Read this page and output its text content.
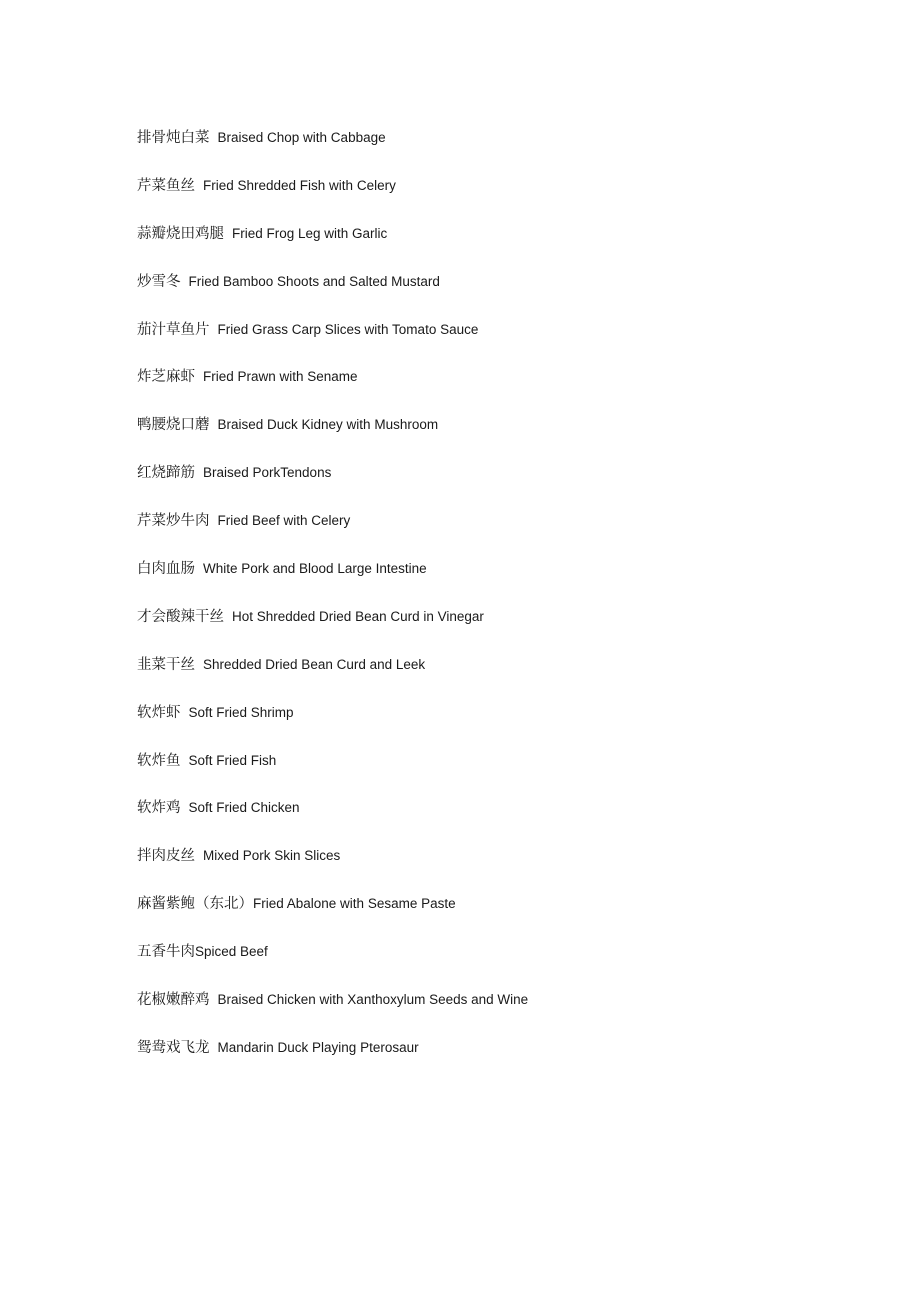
排骨炖白菜 Braised Chop with Cabbage
芹菜鱼丝 Fried Shredded Fish with Celery
蒜瓣烧田鸡腿 Fried Frog Leg with Garlic
炒雪冬 Fried Bamboo Shoots and Salted Mustard
茄汁草鱼片 Fried Grass Carp Slices with Tomato Sauce
炸芝麻虾 Fried Prawn with Sename
鸭腰烧口蘑 Braised Duck Kidney with Mushroom
红烧蹄筋 Braised PorkTendons
芹菜炒牛肉 Fried Beef with Celery
白肉血肠 White Pork and Blood Large Intestine
才会酸辣干丝 Hot Shredded Dried Bean Curd in Vinegar
韭菜干丝 Shredded Dried Bean Curd and Leek
软炸虾 Soft Fried Shrimp
软炸鱼 Soft Fried Fish
软炸鸡 Soft Fried Chicken
拌肉皮丝 Mixed Pork Skin Slices
麻酱紫鲍（东北）Fried Abalone with Sesame Paste
五香牛肉Spiced Beef
花椒嫩醉鸡 Braised Chicken with Xanthoxylum Seeds and Wine
鸳鸯戏飞龙 Mandarin Duck Playing Pterosaur
